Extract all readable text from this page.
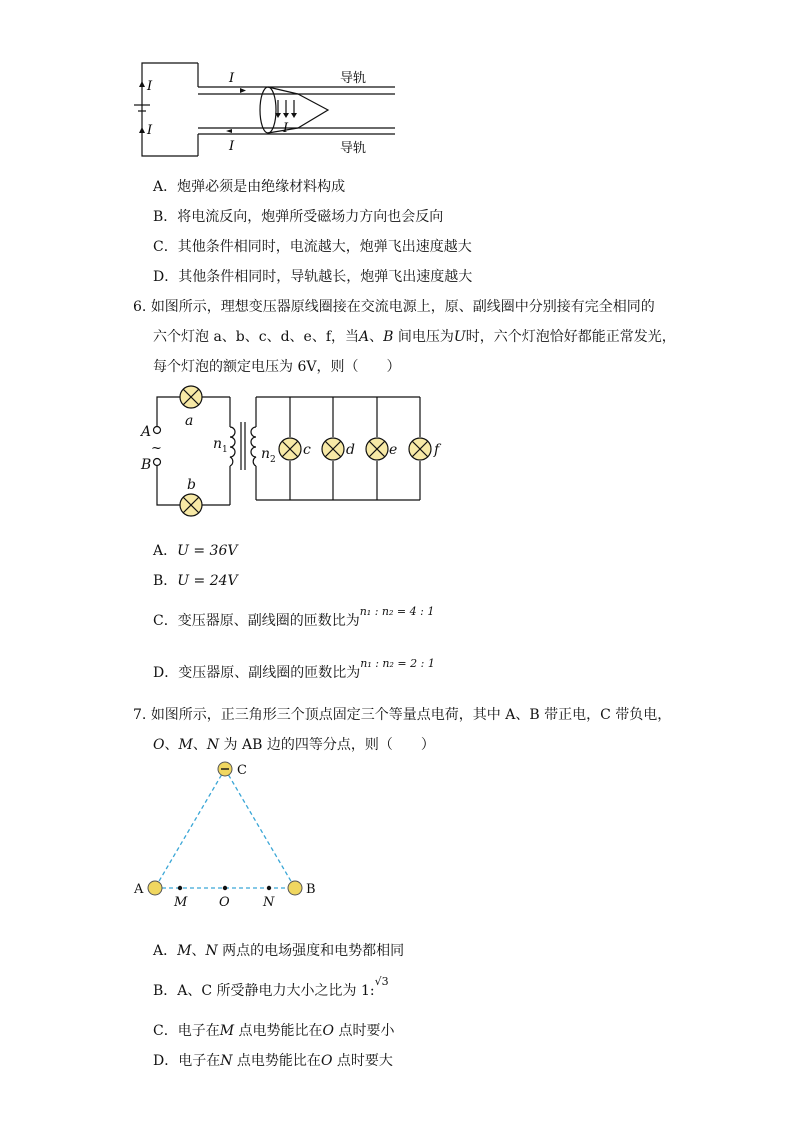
I
I
I
I
I
导轨
导轨
A．炮弹必须是由绝缘材料构成
B．将电流反向，炮弹所受磁场力方向也会反向
C．其他条件相同时，电流越大，炮弹飞出速度越大
D．其他条件相同时，导轨越长，炮弹飞出速度越大
6. 如图所示，理想变压器原线圈接在交流电源上，原、副线圈中分别接有完全相同的
六个灯泡 a、b、c、d、e、f，当A、B 间电压为U时，六个灯泡恰好都能正常发光，
每个灯泡的额定电压为 6V，则（　　）
A
B
a
b
c	d e	f
$n_1$ $n_2$
~
A．U = 36V
B．U = 24V
C．变压器原、副线圈的匝数比为$^{n_1 : n_2 = 4 : 1}$
D．变压器原、副线圈的匝数比为$^{n_1 : n_2 = 2 : 1}$
7. 如图所示，正三角形三个顶点固定三个等量点电荷，其中 A、B 带正电，C 带负电，
O、M、N 为 AB 边的四等分点，则（　　）
C
A	B
M O	N
A．M、N 两点的电场强度和电势都相同
B．A、C 所受静电力大小之比为 1:$^{√3}$
C．电子在M 点电势能比在O 点时要小
D．电子在N 点电势能比在O 点时要大
